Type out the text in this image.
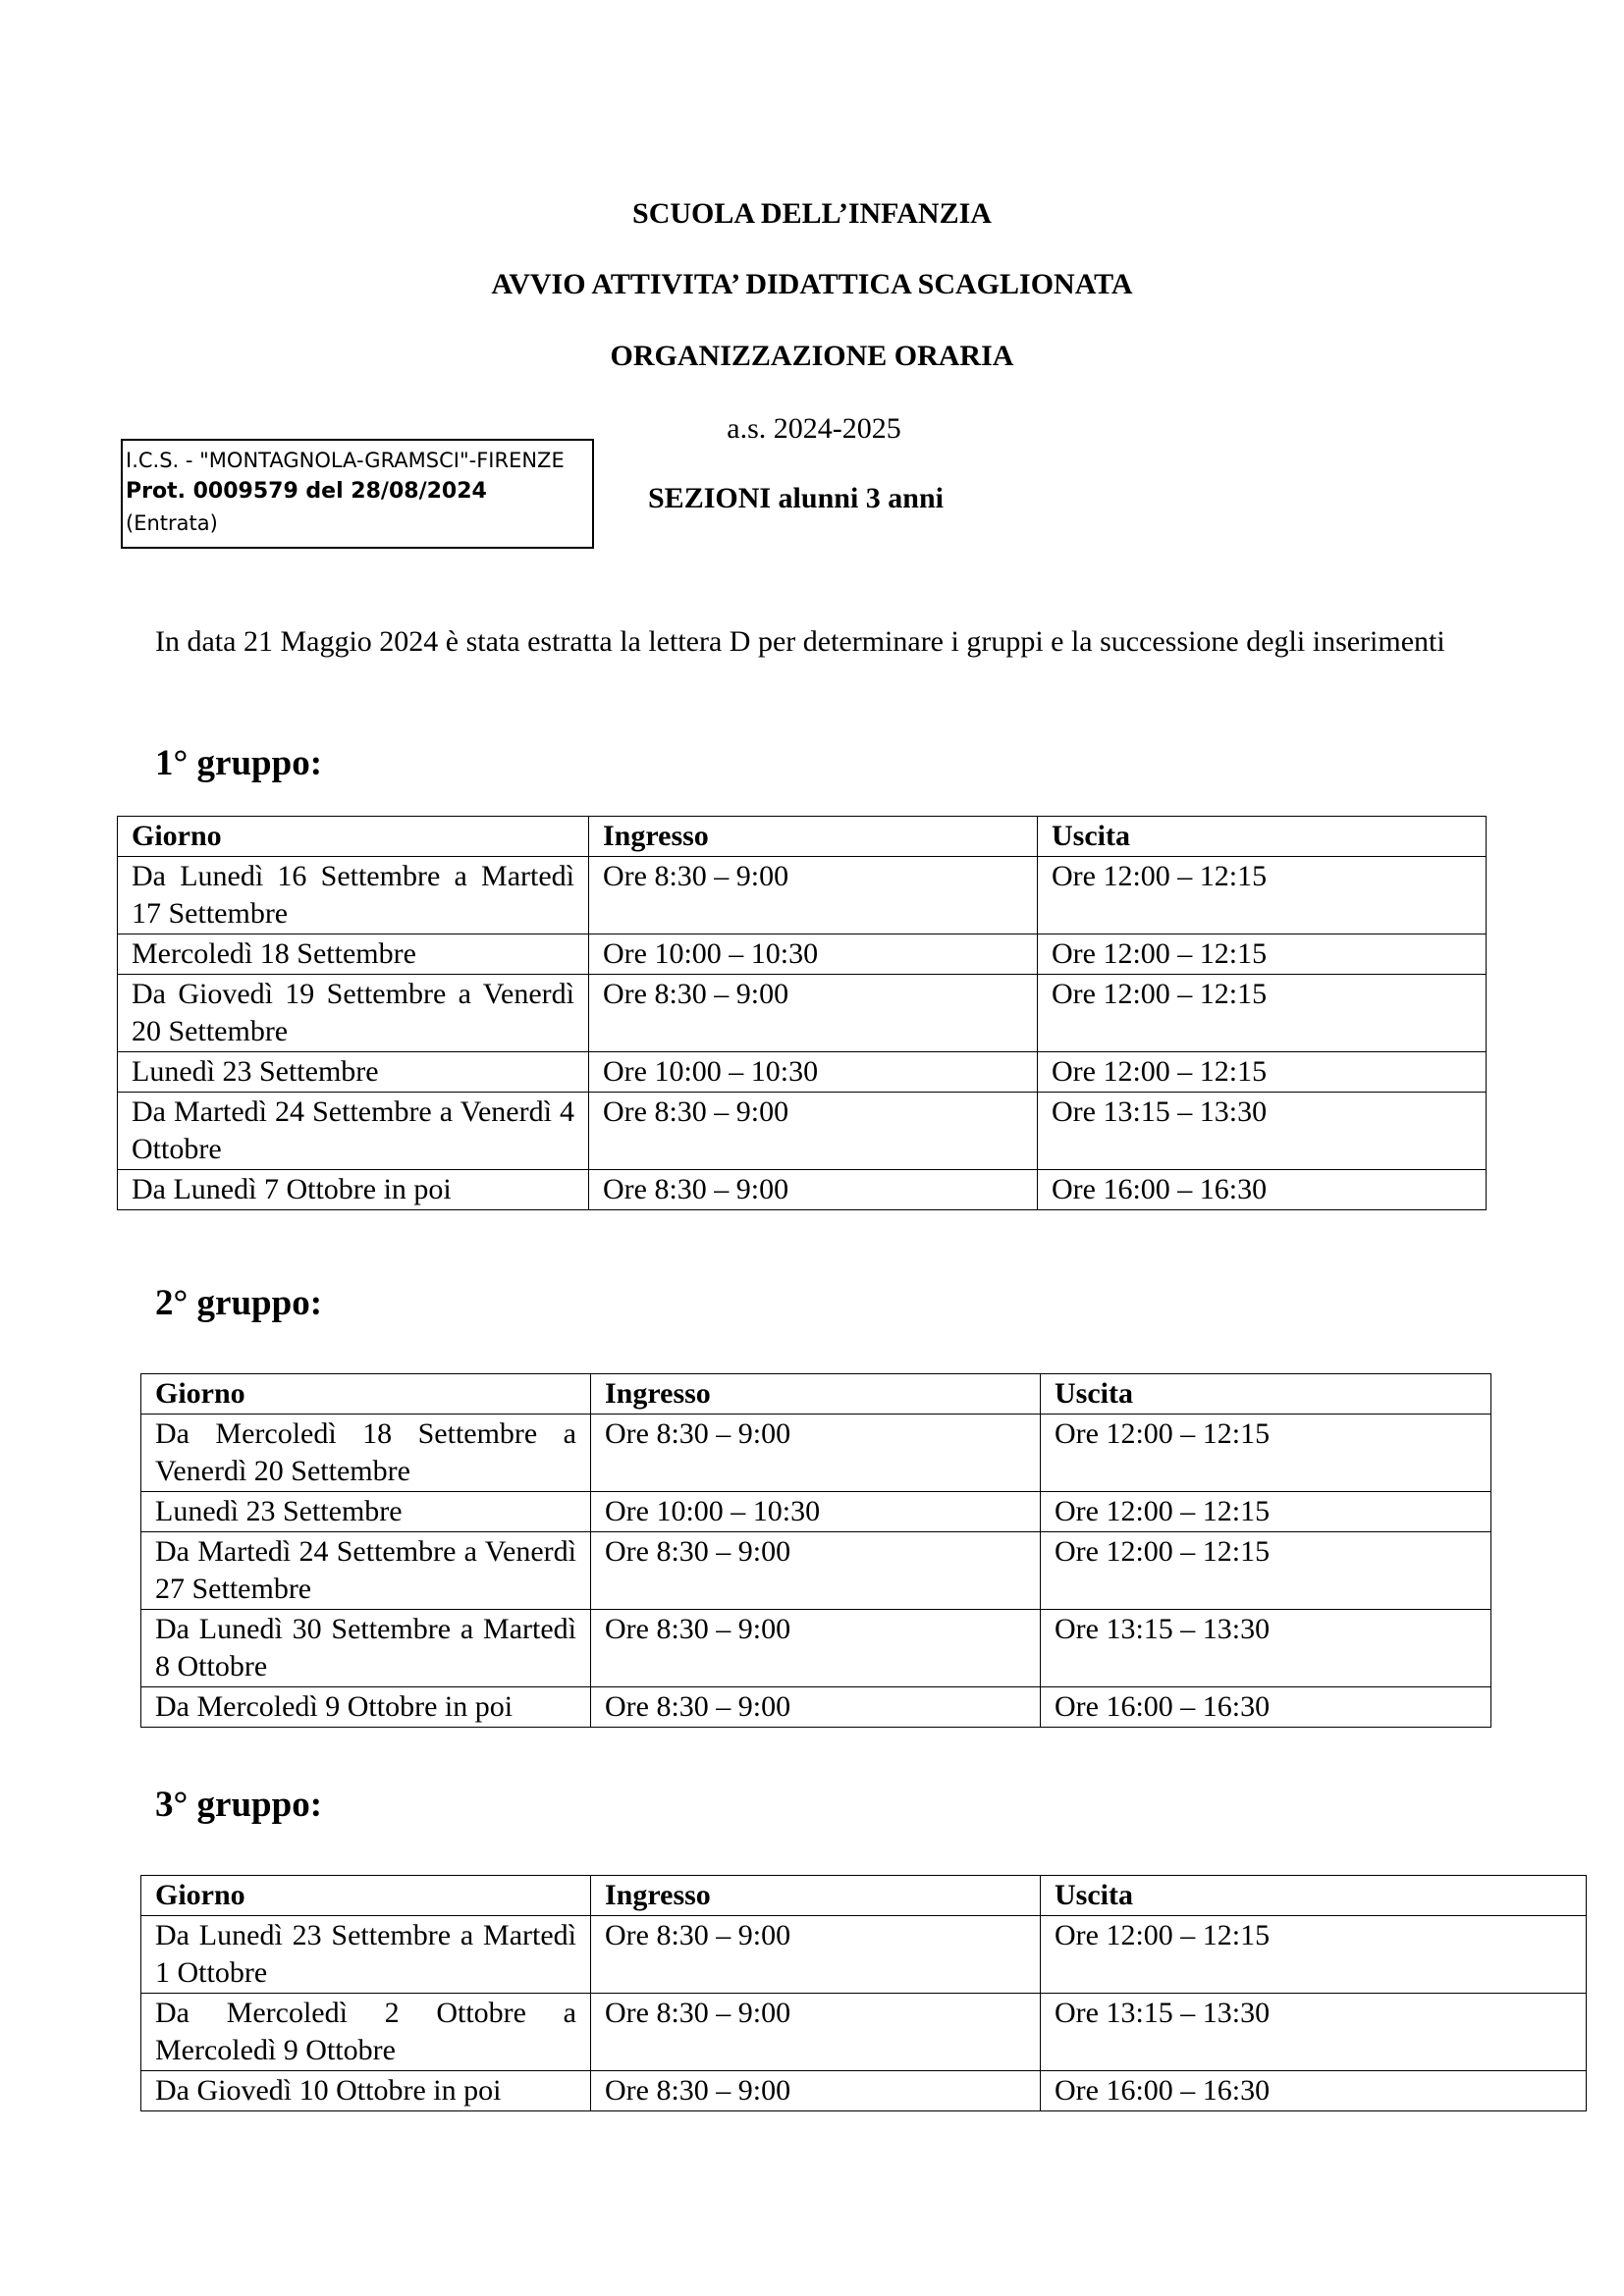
SCUOLA DELL’INFANZIA
AVVIO ATTIVITA’ DIDATTICA SCAGLIONATA
ORGANIZZAZIONE ORARIA
a.s. 2024-2025
SEZIONI alunni 3 anni
I.C.S. - "MONTAGNOLA-GRAMSCI"-FIRENZE
Prot. 0009579 del 28/08/2024
(Entrata)

In data 21 Maggio 2024 è stata estratta la lettera D per determinare i gruppi e la successione degli inserimenti

1° gruppo:
Giorno	Ingresso	Uscita
Da Lunedì 16 Settembre a Martedì 17 Settembre	Ore 8:30 – 9:00	Ore 12:00 – 12:15
Mercoledì 18 Settembre	Ore 10:00 – 10:30	Ore 12:00 – 12:15
Da Giovedì 19 Settembre a Venerdì 20 Settembre	Ore 8:30 – 9:00	Ore 12:00 – 12:15
Lunedì 23 Settembre	Ore 10:00 – 10:30	Ore 12:00 – 12:15
Da Martedì 24 Settembre a Venerdì 4 Ottobre	Ore 8:30 – 9:00	Ore 13:15 – 13:30
Da Lunedì 7 Ottobre in poi	Ore 8:30 – 9:00	Ore 16:00 – 16:30
2° gruppo:
Giorno	Ingresso	Uscita
Da Mercoledì 18 Settembre a Venerdì 20 Settembre	Ore 8:30 – 9:00	Ore 12:00 – 12:15
Lunedì 23 Settembre	Ore 10:00 – 10:30	Ore 12:00 – 12:15
Da Martedì 24 Settembre a Venerdì 27 Settembre	Ore 8:30 – 9:00	Ore 12:00 – 12:15
Da Lunedì 30 Settembre a Martedì 8 Ottobre	Ore 8:30 – 9:00	Ore 13:15 – 13:30
Da Mercoledì 9 Ottobre in poi	Ore 8:30 – 9:00	Ore 16:00 – 16:30
3° gruppo:
Giorno	Ingresso	Uscita
Da Lunedì 23 Settembre a Martedì 1 Ottobre	Ore 8:30 – 9:00	Ore 12:00 – 12:15
Da Mercoledì 2 Ottobre a Mercoledì 9 Ottobre	Ore 8:30 – 9:00	Ore 13:15 – 13:30
Da Giovedì 10 Ottobre in poi	Ore 8:30 – 9:00	Ore 16:00 – 16:30
